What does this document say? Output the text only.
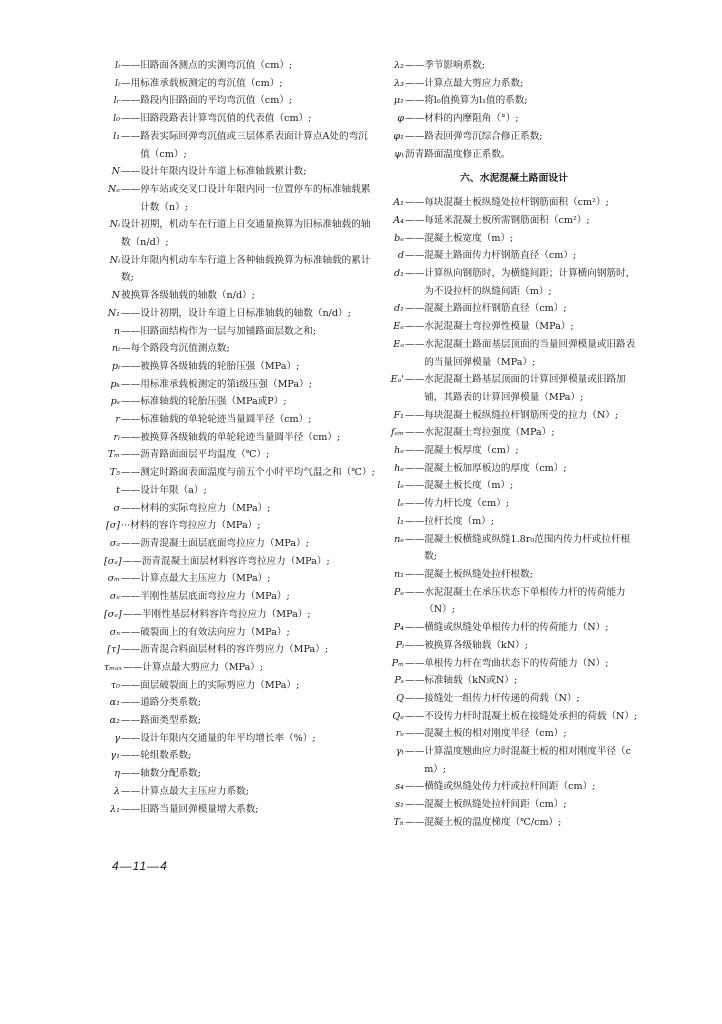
lᵢ —— 旧路面各测点的实测弯沉值（cm）;
lᵢ — 用标准承载板测定的弯沉值（cm）;
lᵣ —— 路段内旧路面的平均弯沉值（cm）;
l₀ —— 旧路段路表计算弯沉值的代表值（cm）;
l₁ —— 路表实际回弹弯沉值或三层体系表面计算点A处的弯沉值（cm）;
N —— 设计年限内设计车道上标准轴载累计数;
Nₑ —— 停车站或交叉口设计年限内同一位置停车的标准轴载累计数（n）;
Nᵢ 设计初期，机动车在行道上日交通量换算为旧标准轴载的轴数（n/d）;
Nᵢ 设计年限内机动车车行道上各种轴载换算为标准轴载的累计数;
N 被换算各级轴载的轴数（n/d）;
N₁ —— 设计初期，设计车道上日标准轴载的轴数（n/d）;
n —— 旧路面结构作为一层与加铺路面层数之和;
nᵢ — 每个路段弯沉值测点数;
pᵢ —— 被换算各级轴载的轮胎压强（MPa）;
pₖ —— 用标准承载板测定的第i级压强（MPa）;
pₛ —— 标准轴载的轮胎压强（MPa或P）;
r —— 标准轴载的单轮轮迹当量圆半径（cm）;
rᵢ —— 被换算各级轴载的单轮轮迹当量圆半径（cm）;
Tₘ —— 沥青路面面层平均温度（℃）;
T₅ —— 测定时路面表面温度与前五个小时平均气温之和（℃）;
t —— 设计年限（a）;
σ —— 材料的实际弯拉应力（MPa）;
[σ] ··· 材料的容许弯拉应力（MPa）;
σₐ —— 沥青混凝土面层底面弯拉应力（MPa）;
[σₐ] —— 沥青混凝土面层材料容许弯拉应力（MPa）;
σₘ —— 计算点最大主压应力（MPa）;
σₑ —— 半刚性基层底面弯拉应力（MPa）;
[σₑ] —— 半刚性基层材料容许弯拉应力（MPa）;
σₙ —— 破裂面上的有效法向应力（MPa）;
[τ] —— 沥青混合料面层材料的容许剪应力（MPa）;
τₘₐₓ —— 计算点最大剪应力（MPa）;
τ₀ —— 面层破裂面上的实际剪应力（MPa）;
α₁ —— 道路分类系数;
α₂ —— 路面类型系数;
γ —— 设计年限内交通量的年平均增长率（%）;
γ₁ —— 轮组数系数;
η —— 轴数分配系数;
λ —— 计算点最大主压应力系数;
λ₁ —— 旧路当量回弹模量增大系数;
λ₂ —— 季节影响系数;
λ₃ —— 计算点最大剪应力系数;
μ₁ —— 将l₀值换算为l₁值的系数;
φ —— 材料的内摩阻角（°）;
φ₁ —— 路表回弹弯沉综合修正系数;
ψₜ 沥青路面温度修正系数。
六、水泥混凝土路面设计
A₁ —— 每块混凝土板纵缝处拉杆钢筋面积（cm²）;
A₄ —— 每延米混凝土板所需钢筋面积（cm²）;
bₑ —— 混凝土板宽度（m）;
d —— 混凝土路面传力杆钢筋直径（cm）;
d₁ —— 计算纵向钢筋时，为横缝间距；计算横向钢筋时，为不设拉杆的纵缝间距（m）;
d₁ —— 混凝土路面拉杆钢筋直径（cm）;
Eₑ —— 水泥混凝土弯拉弹性模量（MPa）;
Eₒ —— 水泥混凝土路面基层顶面的当量回弹模量或旧路表的当量回弹模量（MPa）;
Eₒ' —— 水泥混凝土路基层顶面的计算回弹模量或旧路加铺，其路表的计算回弹模量（MPa）;
F₁ —— 每块混凝土板纵缝拉杆钢筋所受的拉力（N）;
fₑₘ —— 水泥混凝土弯拉强度（MPa）;
hₑ —— 混凝土板厚度（cm）;
hₑ —— 混凝土板加厚板边的厚度（cm）;
lₑ —— 混凝土板长度（m）;
lₑ —— 传力杆长度（cm）;
l₁ —— 拉杆长度（m）;
nₑ —— 混凝土板横缝或纵缝1.8r₀范围内传力杆或拉杆根数;
n₁ —— 混凝土板纵缝处拉杆根数;
Pₑ —— 水泥混凝土在承压状态下单根传力杆的传荷能力（N）;
P₄ —— 横缝或纵缝处单根传力杆的传荷能力（N）;
Pᵢ —— 被换算各级轴载（kN）;
Pₘ —— 单根传力杆在弯曲状态下的传荷能力（N）;
Pₛ —— 标准轴载（kN或N）;
Q —— 接缝处一组传力杆传递的荷载（N）;
Qₑ —— 不设传力杆时混凝土板在接缝处承担的荷载（N）;
rₑ —— 混凝土板的相对刚度半径（cm）;
γₜ —— 计算温度翘曲应力时混凝土板的相对刚度半径（cm）;
s₄ —— 横缝或纵缝处传力杆或拉杆间距（cm）;
s₁ —— 混凝土板纵缝处拉杆间距（cm）;
Tₕ —— 混凝土板的温度梯度（℃/cm）;
4—11—4
